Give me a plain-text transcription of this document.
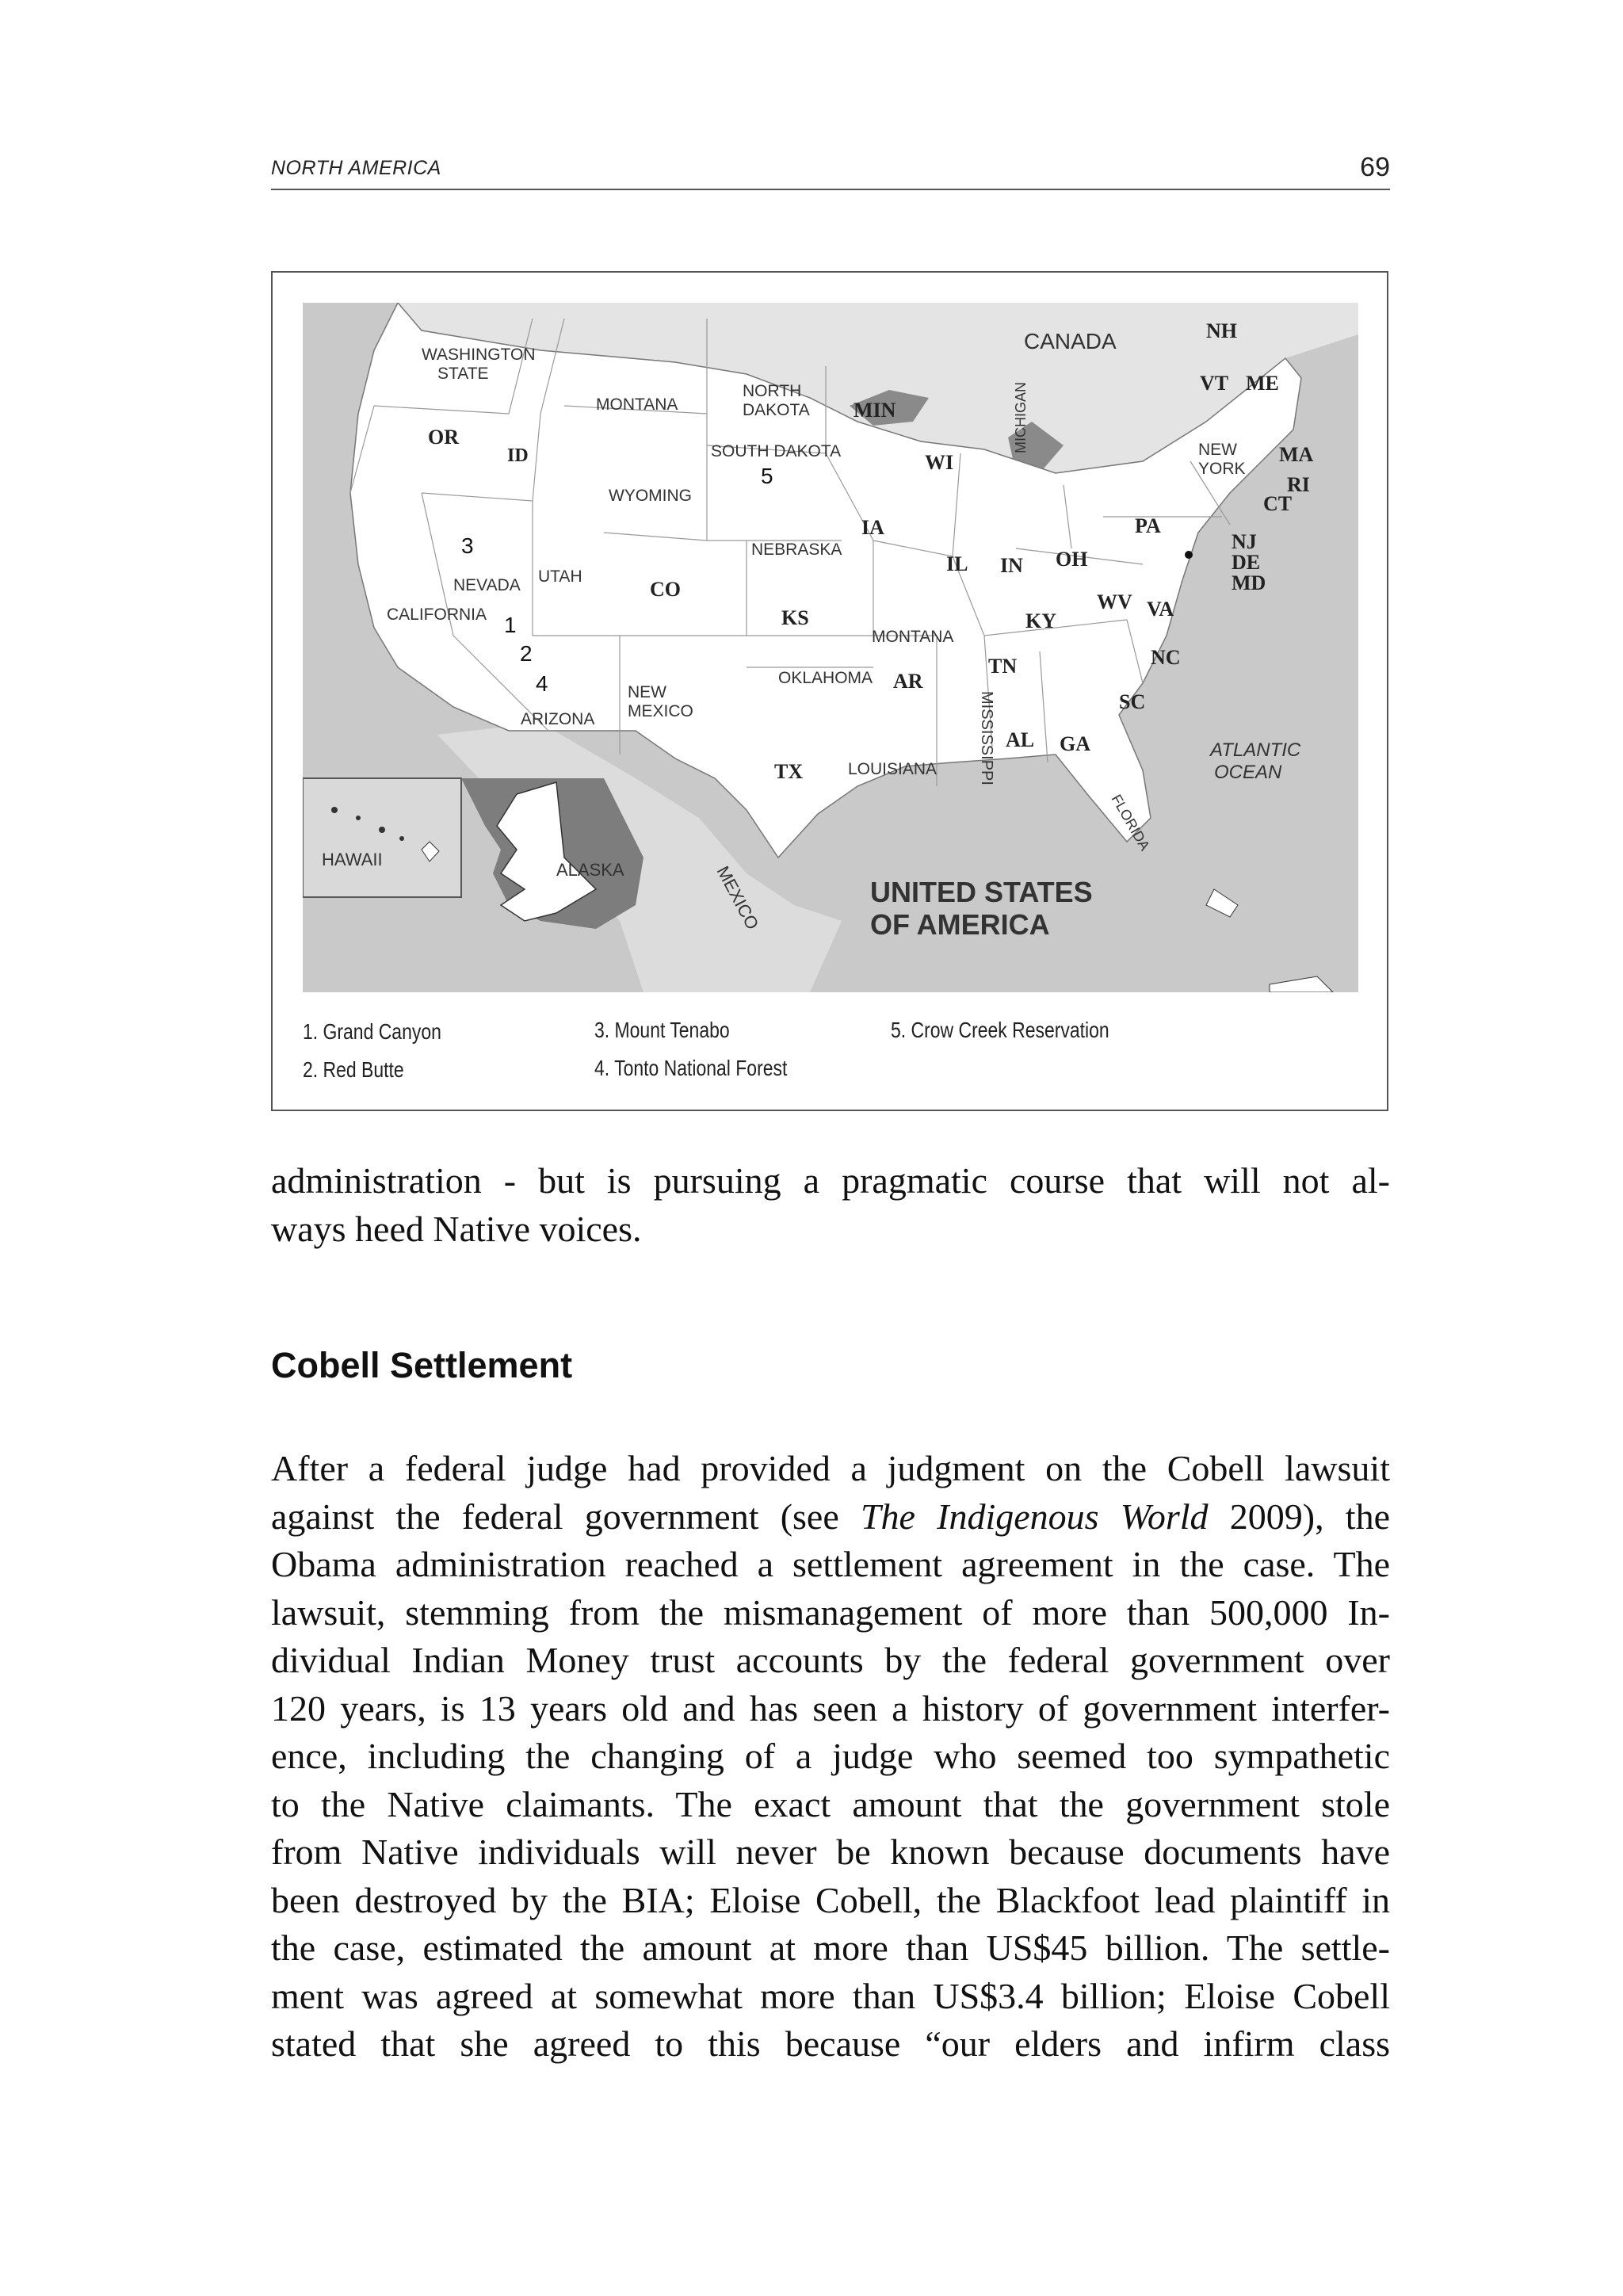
NORTH AMERICA	69
CANADA
ATLANTIC
OCEAN
HAWAII
ALASKA	MEXICO	UNITED STATES
OF AMERICA
WASHINGTON
STATE
OR
ID
MONTANA
NORTH
DAKOTA
SOUTH DAKOTA
WYOMING
NEVADA UTAH
CALIFORNIA
CO
NEBRASKA
KS
ARIZONA
NEW
MEXICO
OKLAHOMA
TX
MIN
IA
MONTANA
AR
LOUISIANA	MISSISSIPPI
WI
IL IN
MICHIGAN
OH
KY
TN
AL GA
FLORIDA
SC
NC
VA
WV
PA
NEW
YORK
NH
VT ME
MA
RI
CT
NJ
DE
MD
1
2
3
4
5
1. Grand Canyon
2. Red Butte
3. Mount Tenabo
4. Tonto National Forest
5. Crow Creek Reservation

administration - but is pursuing a pragmatic course that will not al-

ways heed Native voices.

Cobell Settlement

After a federal judge had provided a judgment on the Cobell lawsuit

against the federal government (see The Indigenous World 2009), the

Obama administration reached a settlement agreement in the case. The

lawsuit, stemming from the mismanagement of more than 500,000 In-

dividual Indian Money trust accounts by the federal government over

120 years, is 13 years old and has seen a history of government interfer-

ence, including the changing of a judge who seemed too sympathetic

to the Native claimants. The exact amount that the government stole

from Native individuals will never be known because documents have

been destroyed by the BIA; Eloise Cobell, the Blackfoot lead plaintiff in

the case, estimated the amount at more than US$45 billion. The settle-

ment was agreed at somewhat more than US$3.4 billion; Eloise Cobell

stated that she agreed to this because “our elders and infirm class
